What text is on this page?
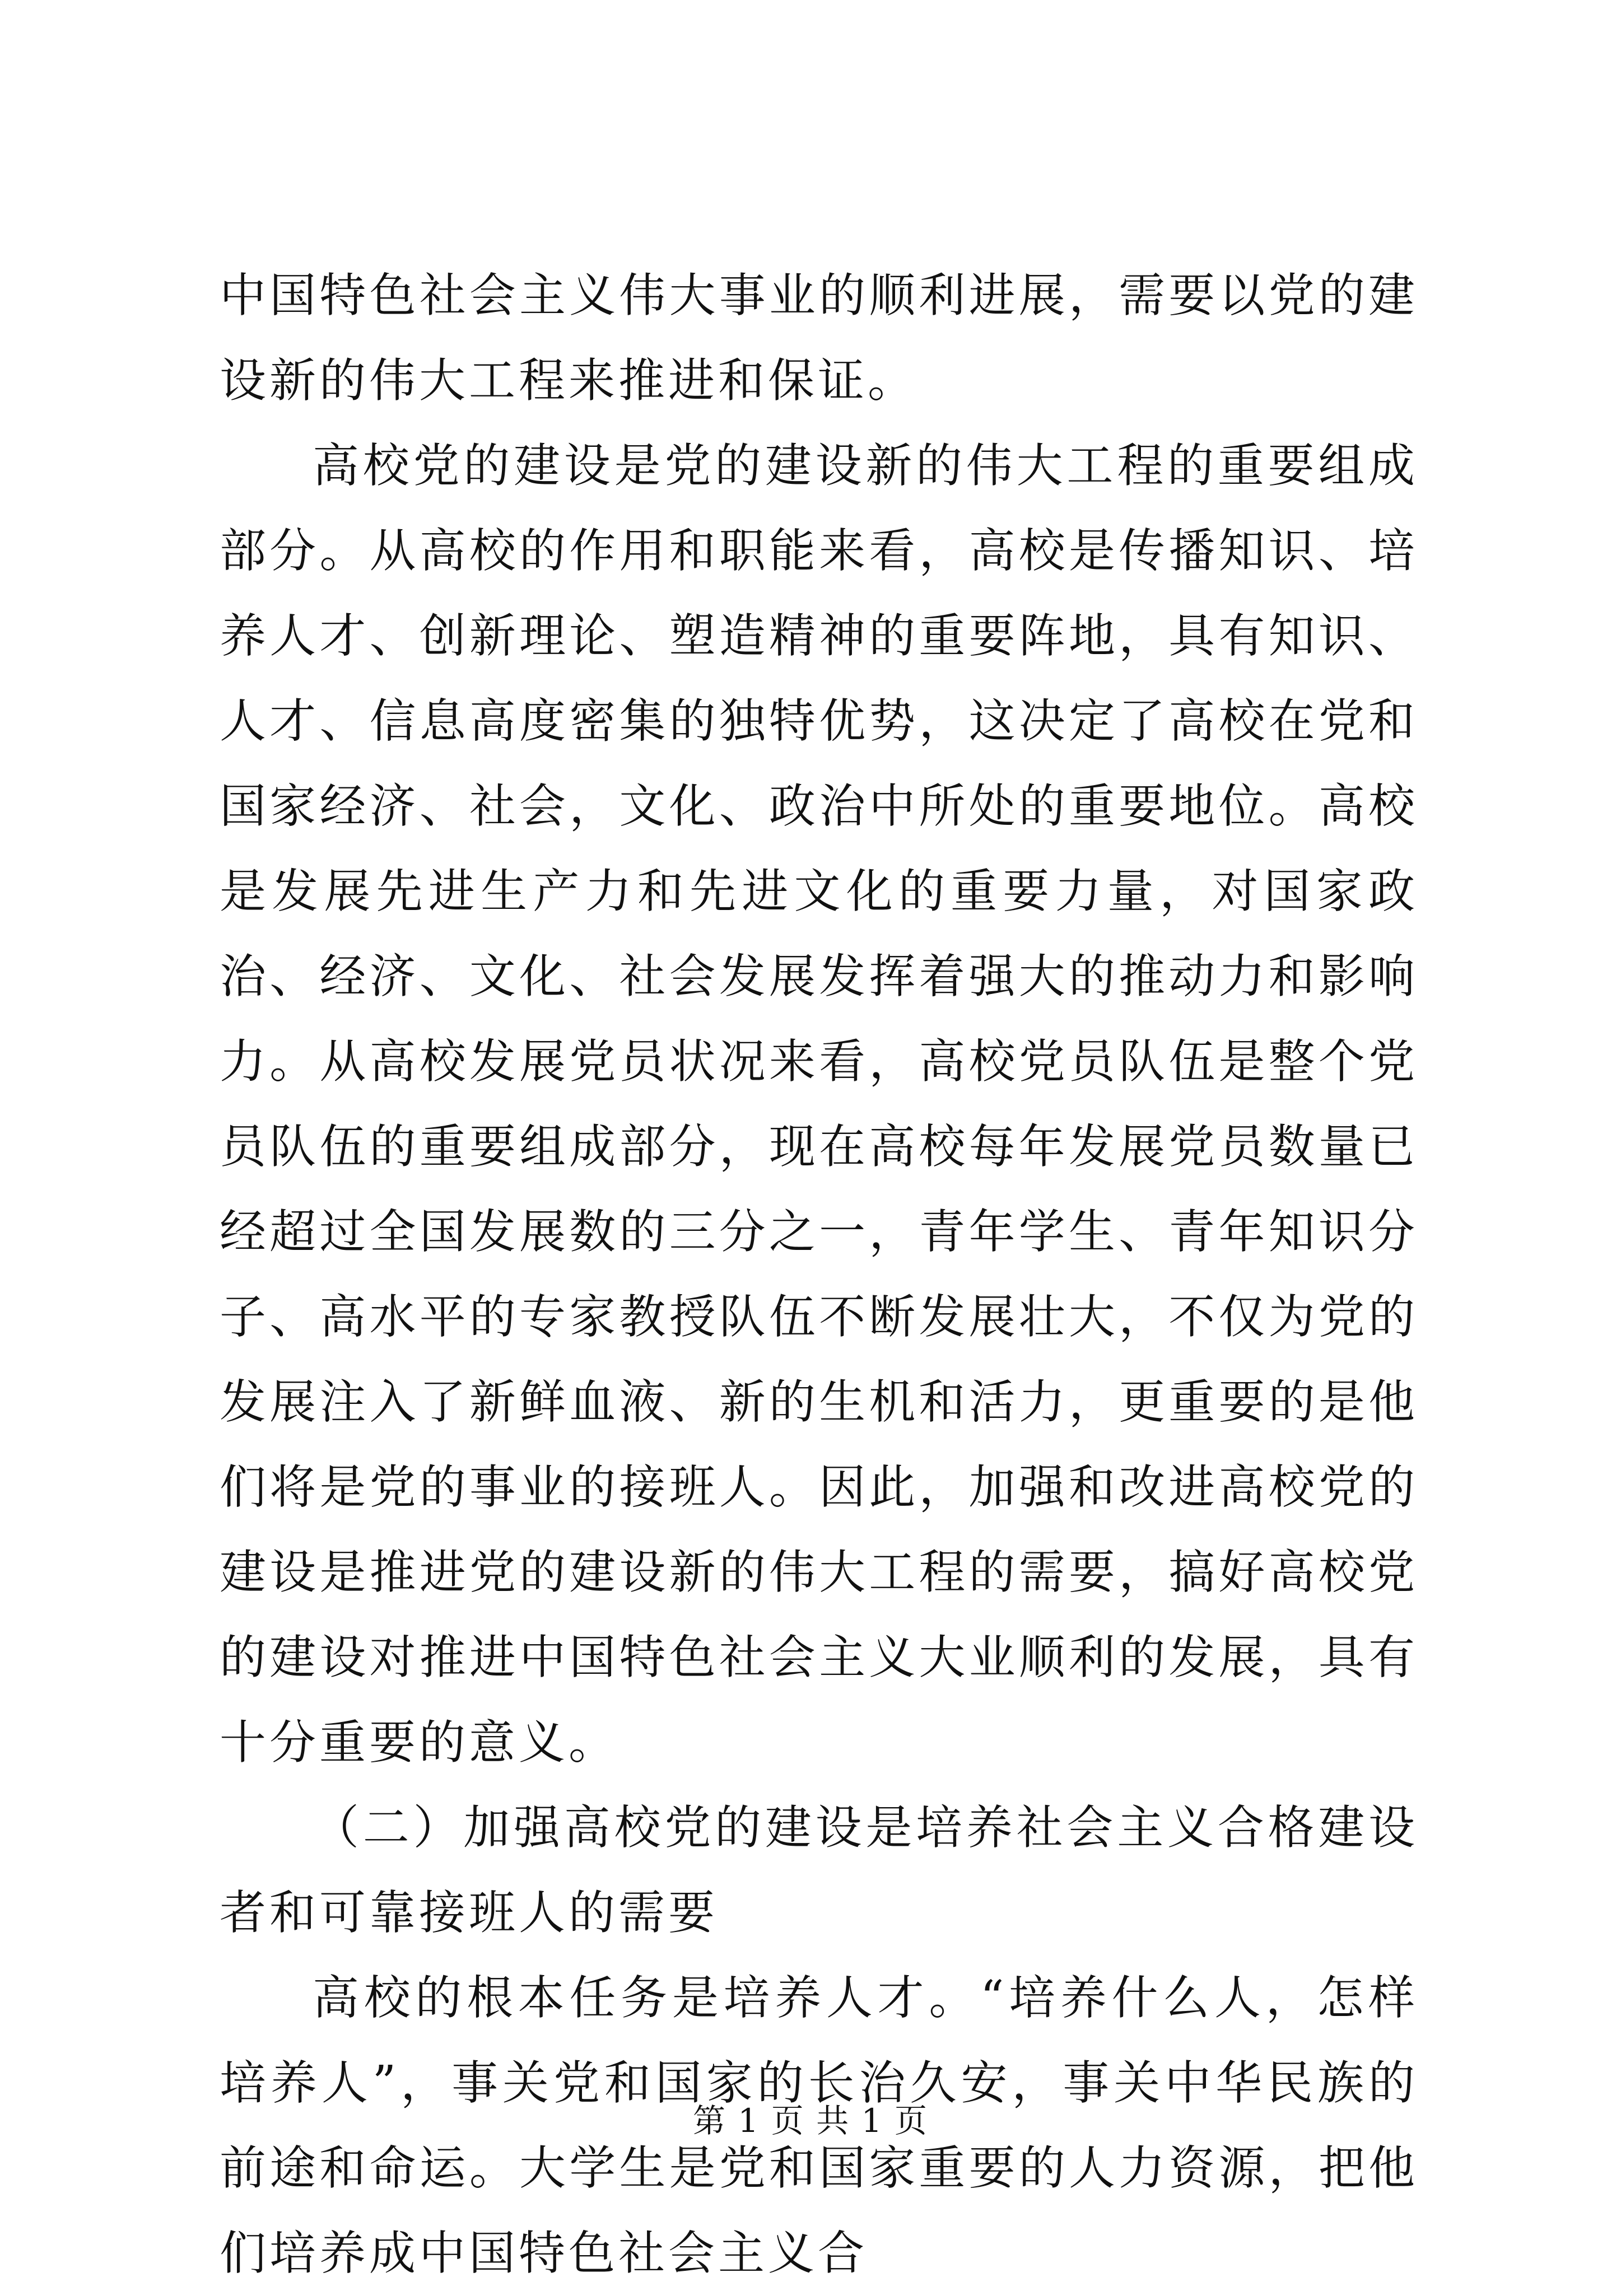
中国特色社会主义伟大事业的顺利进展，需要以党的建设新的伟大工程来推进和保证。

高校党的建设是党的建设新的伟大工程的重要组成部分。从高校的作用和职能来看，高校是传播知识、培养人才、创新理论、塑造精神的重要阵地，具有知识、人才、信息高度密集的独特优势，这决定了高校在党和国家经济、社会，文化、政治中所处的重要地位。高校是发展先进生产力和先进文化的重要力量，对国家政治、经济、文化、社会发展发挥着强大的推动力和影响力。从高校发展党员状况来看，高校党员队伍是整个党员队伍的重要组成部分，现在高校每年发展党员数量已经超过全国发展数的三分之一，青年学生、青年知识分子、高水平的专家教授队伍不断发展壮大，不仅为党的发展注入了新鲜血液、新的生机和活力，更重要的是他们将是党的事业的接班人。因此，加强和改进高校党的建设是推进党的建设新的伟大工程的需要，搞好高校党的建设对推进中国特色社会主义大业顺利的发展，具有十分重要的意义。

（二）加强高校党的建设是培养社会主义合格建设者和可靠接班人的需要

高校的根本任务是培养人才。“培养什么人，怎样培养人”，事关党和国家的长治久安，事关中华民族的前途和命运。大学生是党和国家重要的人力资源，把他们培养成中国特色社会主义合

第 1 页 共 1 页
